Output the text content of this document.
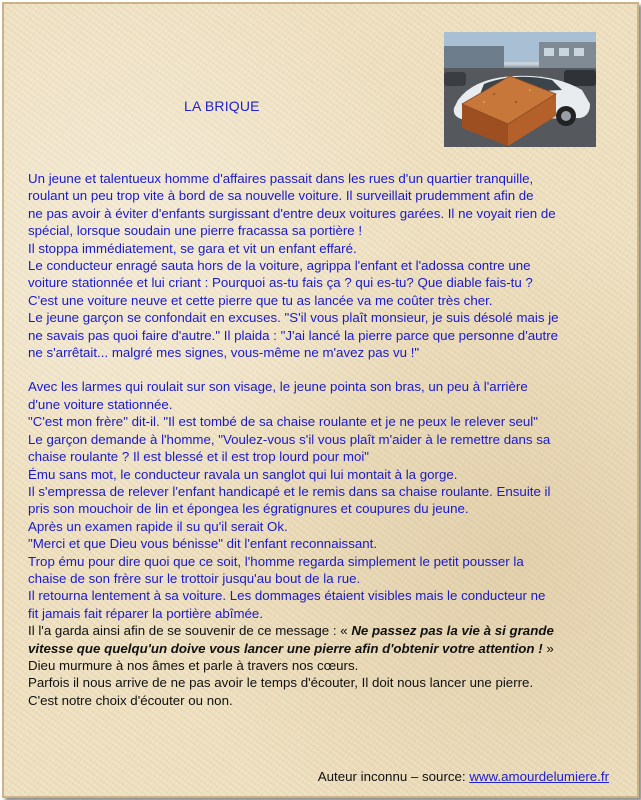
LA BRIQUE

Un jeune et talentueux homme d'affaires passait dans les rues d'un quartier tranquille,

roulant un peu trop vite à bord de sa nouvelle voiture. Il surveillait prudemment afin de

ne pas avoir à éviter d'enfants surgissant d'entre deux voitures garées. Il ne voyait rien de

spécial, lorsque soudain une pierre fracassa sa portière !

Il stoppa immédiatement, se gara et vit un enfant effaré.

Le conducteur enragé sauta hors de la voiture, agrippa l'enfant et l'adossa contre une

voiture stationnée et lui criant : Pourquoi as-tu fais ça ? qui es-tu? Que diable fais-tu ?

C'est une voiture neuve et cette pierre que tu as lancée va me coûter très cher.

Le jeune garçon se confondait en excuses. "S'il vous plaît monsieur, je suis désolé mais je

ne savais pas quoi faire d'autre." Il plaida : "J'ai lancé la pierre parce que personne d'autre

ne s'arrêtait... malgré mes signes, vous-même ne m'avez pas vu !"

Avec les larmes qui roulait sur son visage, le jeune pointa son bras, un peu à l'arrière

d'une voiture stationnée.

"C'est mon frère" dit-il. "Il est tombé de sa chaise roulante et je ne peux le relever seul"

Le garçon demande à l'homme, "Voulez-vous s'il vous plaît m'aider à le remettre dans sa

chaise roulante ? Il est blessé et il est trop lourd pour moi"

Ému sans mot, le conducteur ravala un sanglot qui lui montait à la gorge.

Il s'empressa de relever l'enfant handicapé et le remis dans sa chaise roulante. Ensuite il

pris son mouchoir de lin et épongea les égratignures et coupures du jeune.

Après un examen rapide il su qu'il serait Ok.

"Merci et que Dieu vous bénisse" dit l'enfant reconnaissant.

Trop ému pour dire quoi que ce soit, l'homme regarda simplement le petit pousser la

chaise de son frère sur le trottoir jusqu'au bout de la rue.

Il retourna lentement à sa voiture. Les dommages étaient visibles mais le conducteur ne

fit jamais fait réparer la portière abîmée.

Il l'a garda ainsi afin de se souvenir de ce message : « Ne passez pas la vie à si grande

vitesse que quelqu'un doive vous lancer une pierre afin d'obtenir votre attention ! »

Dieu murmure à nos âmes et parle à travers nos cœurs.

Parfois il nous arrive de ne pas avoir le temps d'écouter, Il doit nous lancer une pierre.

C'est notre choix d'écouter ou non.

Auteur inconnu – source: www.amourdelumiere.fr
